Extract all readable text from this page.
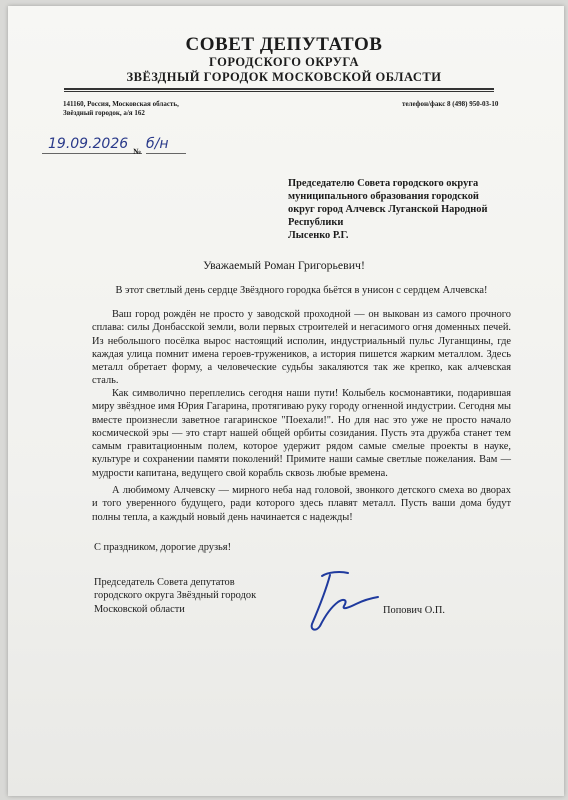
СОВЕТ ДЕПУТАТОВ
ГОРОДСКОГО ОКРУГА
ЗВЁЗДНЫЙ ГОРОДОК МОСКОВСКОЙ ОБЛАСТИ
141160, Россия, Московская область,
Звёздный городок, а/я 162
телефон/факс 8 (498) 950-03-10
19.09.2026 № б/н
Председателю Совета городского округа
муниципального образования городской
округ город Алчевск Луганской Народной
Республики
Лысенко Р.Г.
Уважаемый Роман Григорьевич!
В этот светлый день сердце Звёздного городка бьётся в унисон с сердцем Алчевска!
Ваш город рождён не просто у заводской проходной — он выкован из самого прочного сплава: силы Донбасской земли, воли первых строителей и негасимого огня доменных печей. Из небольшого посёлка вырос настоящий исполин, индустриальный пульс Луганщины, где каждая улица помнит имена героев-тружеников, а история пишется жарким металлом. Здесь металл обретает форму, а человеческие судьбы закаляются так же крепко, как алчевская сталь.
Как символично переплелись сегодня наши пути! Колыбель космонавтики, подарившая миру звёздное имя Юрия Гагарина, протягиваю руку городу огненной индустрии. Сегодня мы вместе произнесли заветное гагаринское "Поехали!". Но для нас это уже не просто начало космической эры — это старт нашей общей орбиты созидания. Пусть эта дружба станет тем самым гравитационным полем, которое удержит рядом самые смелые проекты в науке, культуре и сохранении памяти поколений! Примите наши самые светлые пожелания. Вам — мудрости капитана, ведущего свой корабль сквозь любые времена.
А любимому Алчевску — мирного неба над головой, звонкого детского смеха во дворах и того уверенного будущего, ради которого здесь плавят металл. Пусть ваши дома будут полны тепла, а каждый новый день начинается с надежды!
С праздником, дорогие друзья!
Председатель Совета депутатов
городского округа Звёздный городок
Московской области	Попович О.П.
